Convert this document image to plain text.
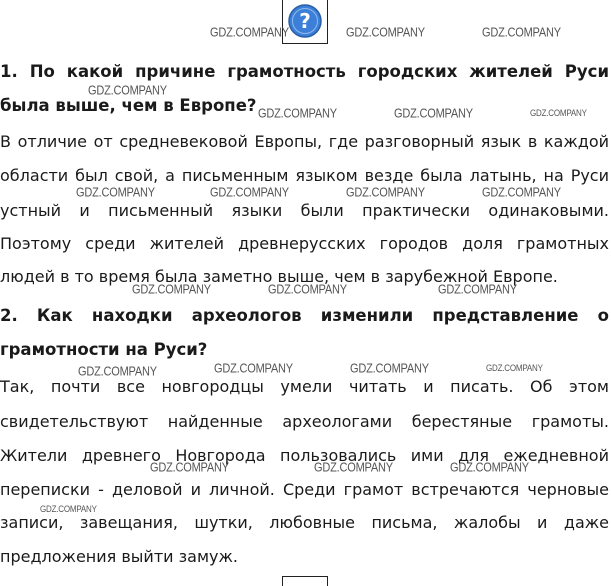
?
GDZ.COMPANY	GDZ.COMPANY	GDZ.COMPANY
GDZ.COMPANY
GDZ.COMPANY	GDZ.COMPANY	GDZ.COMPANY
GDZ.COMPANY	GDZ.COMPANY	GDZ.COMPANY	GDZ.COMPANY
GDZ.COMPANY	GDZ.COMPANY	GDZ.COMPANY
GDZ.COMPANY	GDZ.COMPANY	GDZ.COMPANY	GDZ.COMPANY
GDZ.COMPANY	GDZ.COMPANY	GDZ.COMPANY
GDZ.COMPANY
1. По какой причине грамотность городских жителей Руси
была выше, чем в Европе?
В отличие от средневековой Европы, где разговорный язык в каждой
области был свой, а письменным языком везде была латынь, на Руси
устный и письменный языки были практически одинаковыми.
Поэтому среди жителей древнерусских городов доля грамотных
людей в то время была заметно выше, чем в зарубежной Европе.
2. Как находки археологов изменили представление о
грамотности на Руси?
Так, почти все новгородцы умели читать и писать. Об этом
свидетельствуют найденные археологами берестяные грамоты.
Жители древнего Новгорода пользовались ими для ежедневной
переписки - деловой и личной. Среди грамот встречаются черновые
записи, завещания, шутки, любовные письма, жалобы и даже
предложения выйти замуж.
